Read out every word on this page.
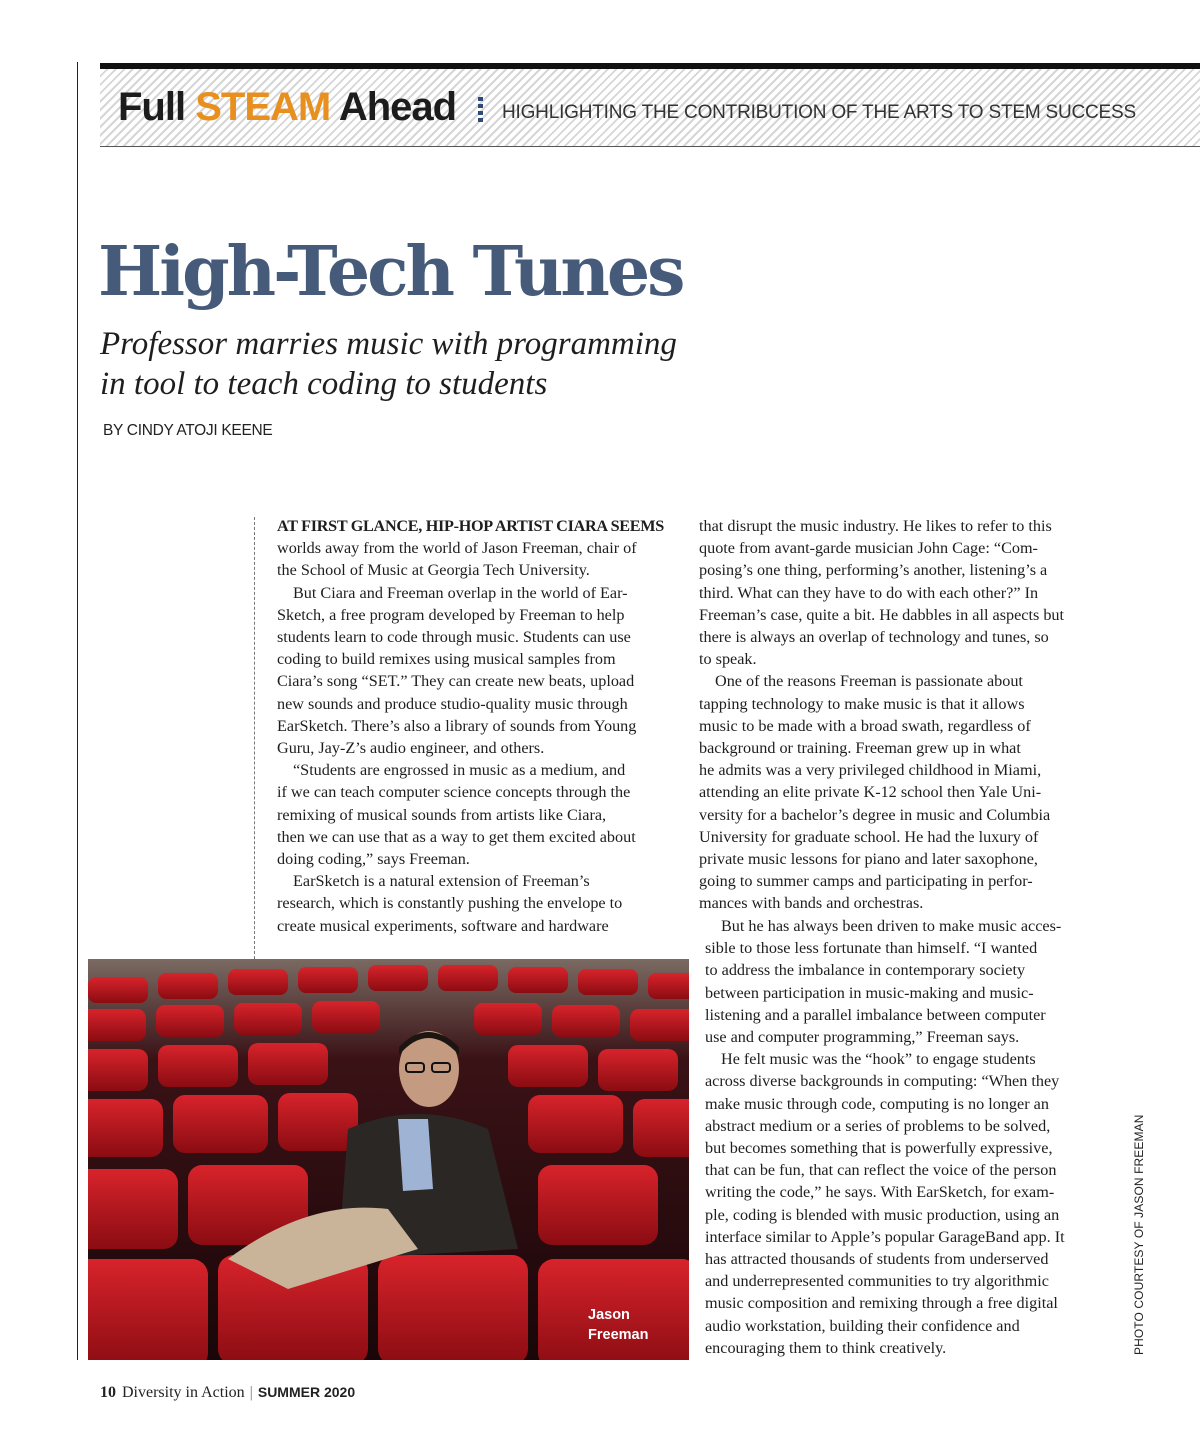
Full STEAM Ahead HIGHLIGHTING THE CONTRIBUTION OF THE ARTS TO STEM SUCCESS
High-Tech Tunes
Professor marries music with programming
in tool to teach coding to students
BY CINDY ATOJI KEENE
AT FIRST GLANCE, HIP-HOP ARTIST CIARA SEEMS
worlds away from the world of Jason Freeman, chair of
the School of Music at Georgia Tech University.
But Ciara and Freeman overlap in the world of Ear-
Sketch, a free program developed by Freeman to help
students learn to code through music. Students can use
coding to build remixes using musical samples from
Ciara’s song “SET.” They can create new beats, upload
new sounds and produce studio-quality music through
EarSketch. There’s also a library of sounds from Young
Guru, Jay-Z’s audio engineer, and others.
“Students are engrossed in music as a medium, and
if we can teach computer science concepts through the
remixing of musical sounds from artists like Ciara,
then we can use that as a way to get them excited about
doing coding,” says Freeman.
EarSketch is a natural extension of Freeman’s
research, which is constantly pushing the envelope to
create musical experiments, software and hardware
that disrupt the music industry. He likes to refer to this
quote from avant-garde musician John Cage: “Com-
posing’s one thing, performing’s another, listening’s a
third. What can they have to do with each other?” In
Freeman’s case, quite a bit. He dabbles in all aspects but
there is always an overlap of technology and tunes, so
to speak.
One of the reasons Freeman is passionate about
tapping technology to make music is that it allows
music to be made with a broad swath, regardless of
background or training. Freeman grew up in what
he admits was a very privileged childhood in Miami,
attending an elite private K-12 school then Yale Uni-
versity for a bachelor’s degree in music and Columbia
University for graduate school. He had the luxury of
private music lessons for piano and later saxophone,
going to summer camps and participating in perfor-
mances with bands and orchestras.
But he has always been driven to make music acces-
sible to those less fortunate than himself. “I wanted
to address the imbalance in contemporary society
between participation in music-making and music-
listening and a parallel imbalance between computer
use and computer programming,” Freeman says.
He felt music was the “hook” to engage students
across diverse backgrounds in computing: “When they
make music through code, computing is no longer an
abstract medium or a series of problems to be solved,
but becomes something that is powerfully expressive,
that can be fun, that can reflect the voice of the person
writing the code,” he says. With EarSketch, for exam-
ple, coding is blended with music production, using an
interface similar to Apple’s popular GarageBand app. It
has attracted thousands of students from underserved
and underrepresented communities to try algorithmic
music composition and remixing through a free digital
audio workstation, building their confidence and
encouraging them to think creatively.
Jason
Freeman	PHOTO COURTESY OF JASON FREEMAN
10 Diversity in Action | SUMMER 2020
